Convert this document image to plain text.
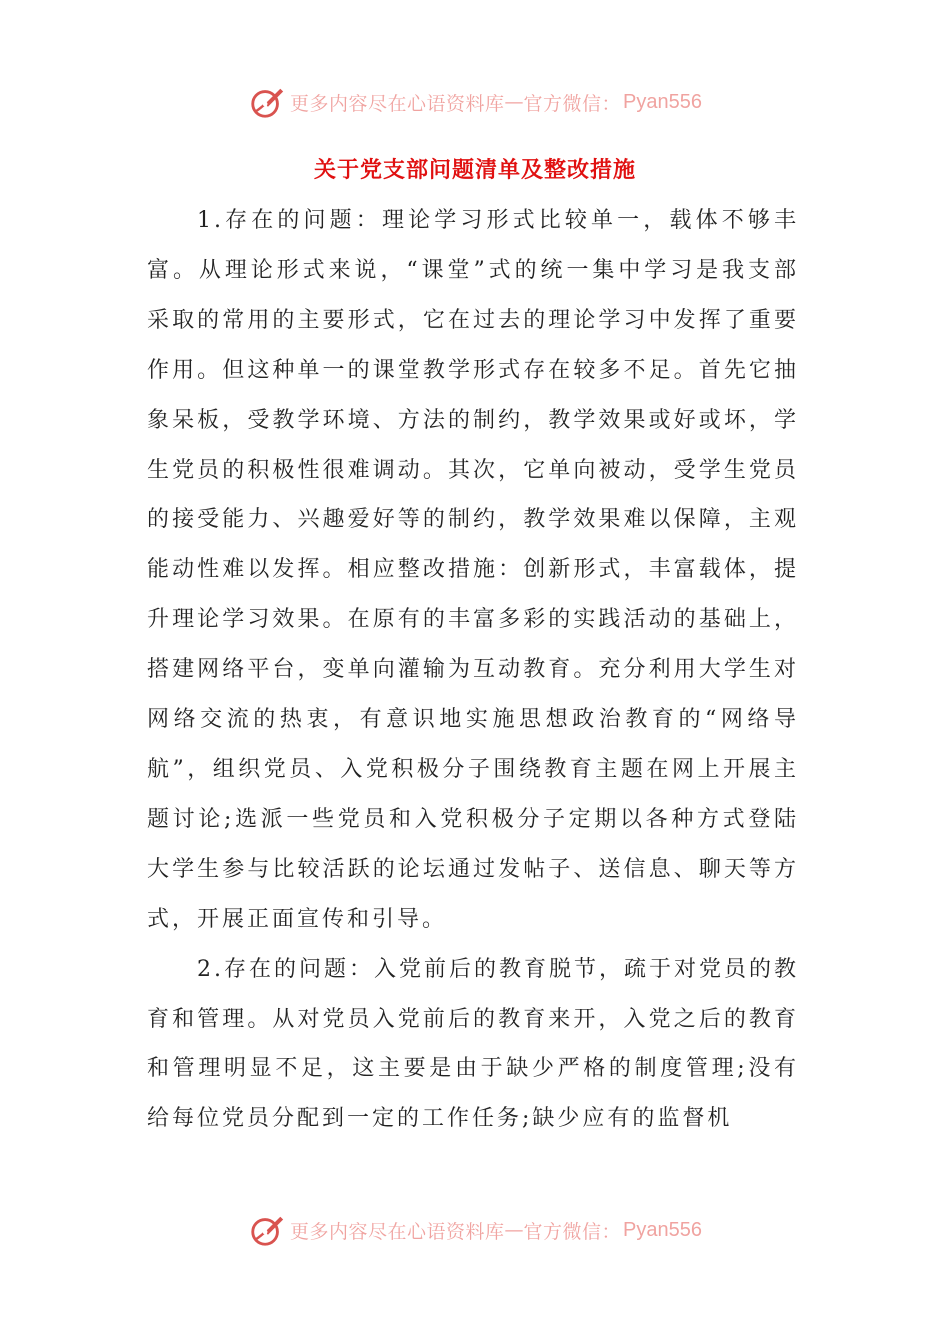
更多内容尽在心语资料库 — 官方微信： Pyan556
关于党支部问题清单及整改措施

1.存在的问题：理论学习形式比较单一，载体不够丰富。从理论形式来说，“课堂”式的统一集中学习是我支部采取的常用的主要形式，它在过去的理论学习中发挥了重要作用。但这种单一的课堂教学形式存在较多不足。首先它抽象呆板，受教学环境、方法的制约，教学效果或好或坏，学生党员的积极性很难调动。其次，它单向被动，受学生党员的接受能力、兴趣爱好等的制约，教学效果难以保障，主观能动性难以发挥。相应整改措施：创新形式，丰富载体，提升理论学习效果。在原有的丰富多彩的实践活动的基础上，搭建网络平台，变单向灌输为互动教育。充分利用大学生对网络交流的热衷，有意识地实施思想政治教育的“网络导航”，组织党员、入党积极分子围绕教育主题在网上开展主题讨论;选派一些党员和入党积极分子定期以各种方式登陆大学生参与比较活跃的论坛通过发帖子、送信息、聊天等方式，开展正面宣传和引导。

2.存在的问题：入党前后的教育脱节，疏于对党员的教育和管理。从对党员入党前后的教育来开，入党之后的教育和管理明显不足，这主要是由于缺少严格的制度管理;没有给每位党员分配到一定的工作任务;缺少应有的监督机

更多内容尽在心语资料库 — 官方微信： Pyan556
